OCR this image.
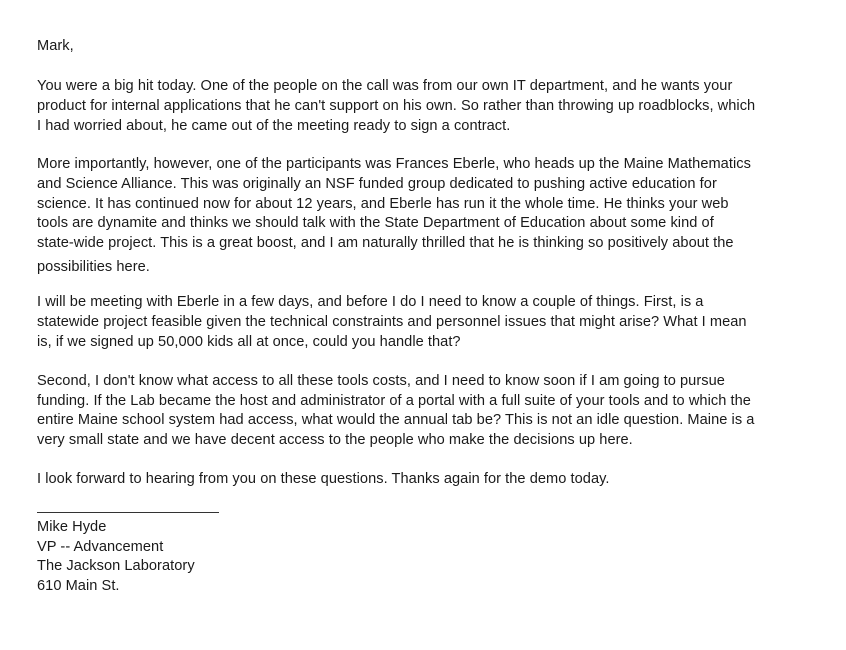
Mark,
You were a big hit today. One of the people on the call was from our own IT department, and he wants your
product for internal applications that he can't support on his own. So rather than throwing up roadblocks, which
I had worried about, he came out of the meeting ready to sign a contract.
More importantly, however, one of the participants was Frances Eberle, who heads up the Maine Mathematics
and Science Alliance. This was originally an NSF funded group dedicated to pushing active education for
science. It has continued now for about 12 years, and Eberle has run it the whole time. He thinks your web
tools are dynamite and thinks we should talk with the State Department of Education about some kind of
state-wide project. This is a great boost, and I am naturally thrilled that he is thinking so positively about the
possibilities here.
I will be meeting with Eberle in a few days, and before I do I need to know a couple of things. First, is a
statewide project feasible given the technical constraints and personnel issues that might arise? What I mean
is, if we signed up 50,000 kids all at once, could you handle that?
Second, I don't know what access to all these tools costs, and I need to know soon if I am going to pursue
funding. If the Lab became the host and administrator of a portal with a full suite of your tools and to which the
entire Maine school system had access, what would the annual tab be? This is not an idle question. Maine is a
very small state and we have decent access to the people who make the decisions up here.
I look forward to hearing from you on these questions. Thanks again for the demo today.
Mike Hyde
VP -- Advancement
The Jackson Laboratory
610 Main St.
